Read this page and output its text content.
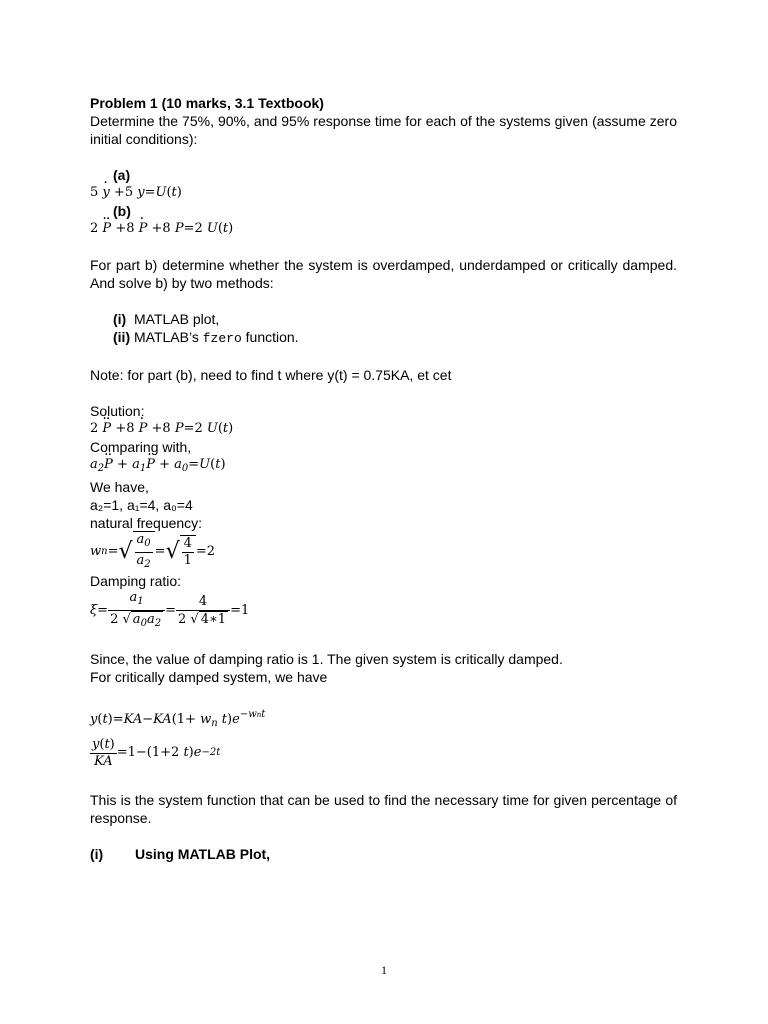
Problem 1 (10 marks, 3.1 Textbook)

Determine the 75%, 90%, and 95% response time for each of the systems given (assume zero initial conditions):

(a)

5 · y +5 y=U(t)

(b)

2 ·· P +8 · P +8 P=2 U(t)

For part b) determine whether the system is overdamped, underdamped or critically damped. And solve b) by two methods:

(i) MATLAB plot,
(ii) MATLAB’s fzero function.

Note: for part (b), need to find t where y(t) = 0.75KA, et cet

Solution:

2 ·· P +8 · P +8 P=2 U(t)

Comparing with,

$a_2\cdot\cdot P + a_1\cdot P + a_0=U(t)$

We have,

a₂=1, a₁=4, a₀=4

natural frequency:

w n = √ $\frac{a_0}{a_2}$ = √ $\frac{4}{1} =2$

Damping ratio:

$\xi = \frac{a_1}{2 √ a_0a_2} = \frac{4}{2 √ 4∗1} =1$

Since, the value of damping ratio is 1. The given system is critically damped.

For critically damped system, we have

$y(t)=KA-KA(1+ w_n$ $t)e^{-wnt}$
$\frac{y(t)}{KA} =1-(1+2$ t ) e −2t

This is the system function that can be used to find the necessary time for given percentage of response.

(i)	Using MATLAB Plot,
1
